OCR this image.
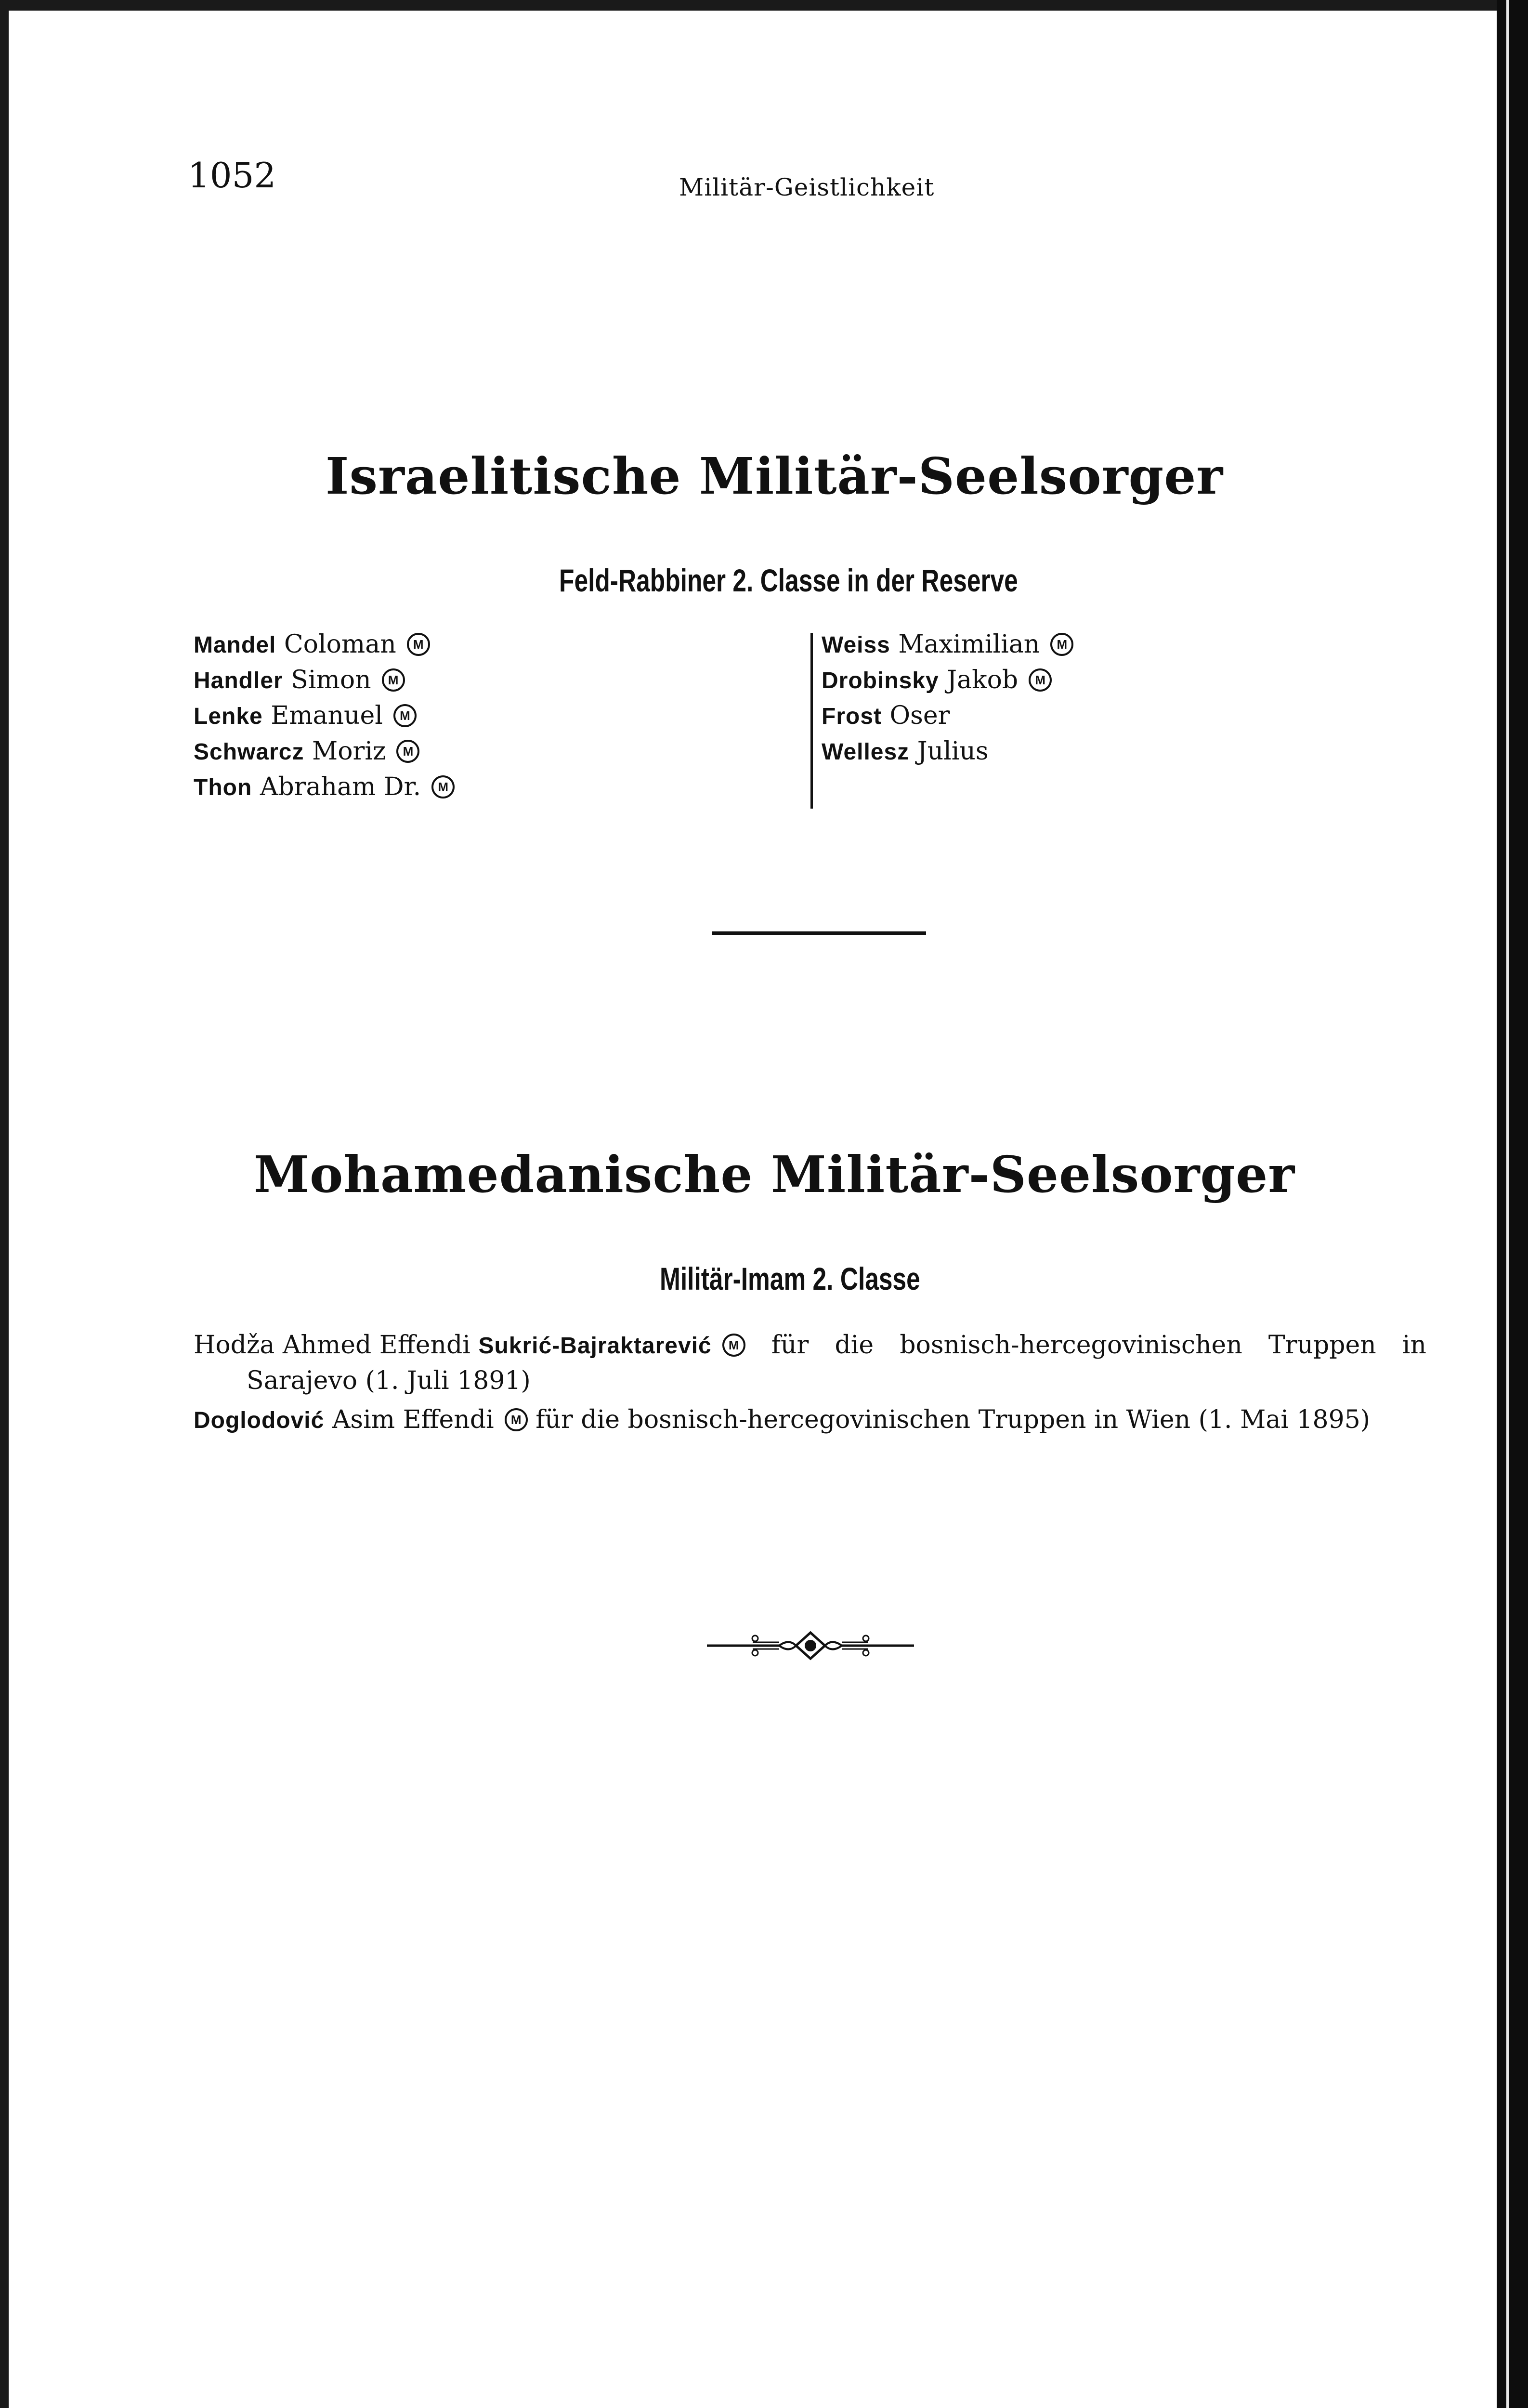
1052	Militär-Geistlichkeit
Israelitische Militär-Seelsorger
Feld-Rabbiner 2. Classe in der Reserve
Mandel Coloman M
Handler Simon M
Lenke Emanuel M
Schwarcz Moriz M
Thon Abraham Dr. M
Weiss Maximilian M
Drobinsky Jakob M
Frost Oser
Wellesz Julius
Mohamedanische Militär-Seelsorger
Militär-Imam 2. Classe
Hodža Ahmed Effendi Sukrić-Bajraktarević M für die bosnisch-hercegovinischen Truppen in
Sarajevo (1. Juli 1891)
Doglodović Asim Effendi M für die bosnisch-hercegovinischen Truppen in Wien (1. Mai 1895)
